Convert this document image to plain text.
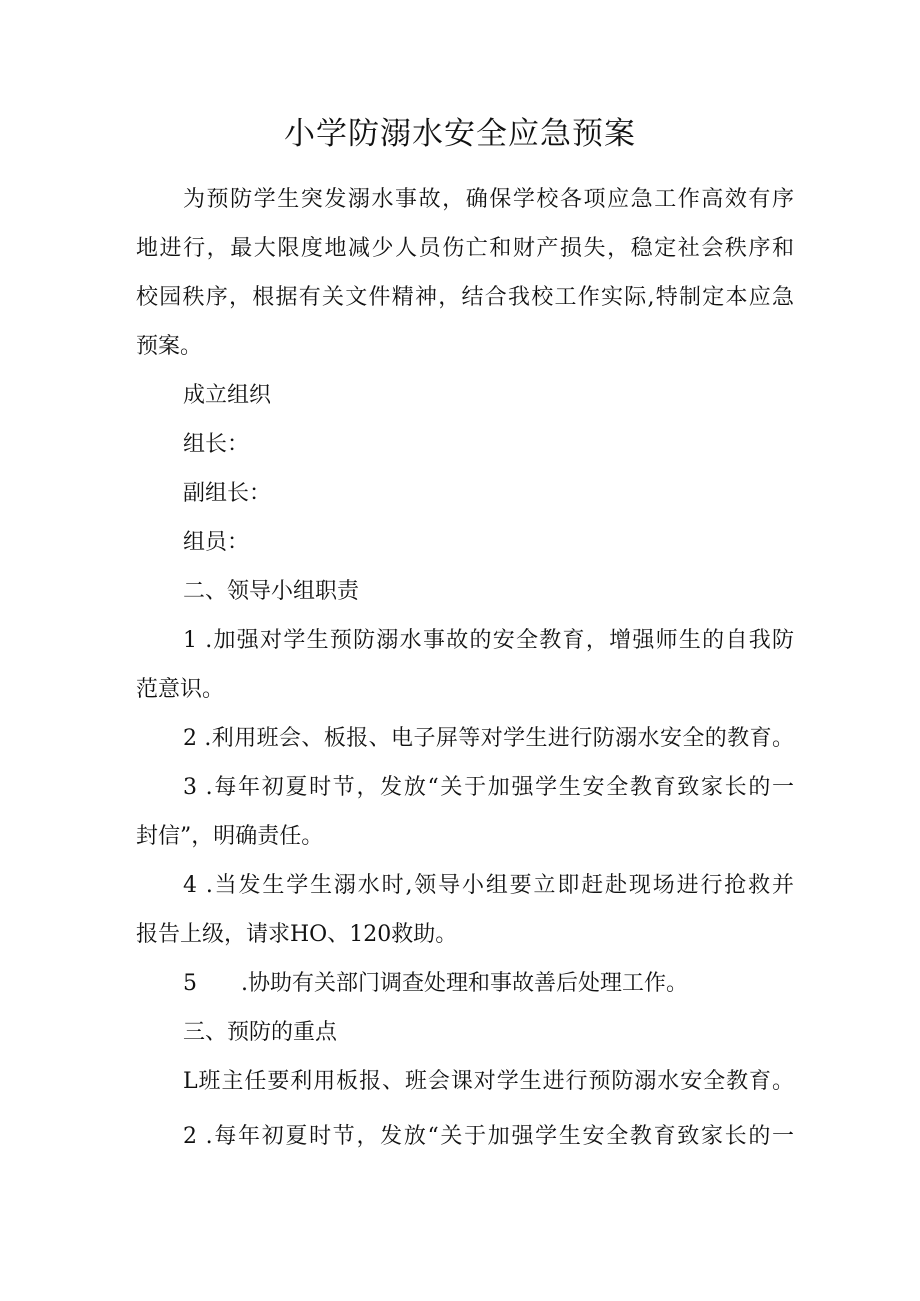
小学防溺水安全应急预案
为预防学生突发溺水事故，确保学校各项应急工作高效有序
地进行，最大限度地减少人员伤亡和财产损失，稳定社会秩序和
校园秩序，根据有关文件精神，结合我校工作实际,特制定本应急
预案。

成立组织

组长：

副组长：

组员：

二、领导小组职责

1 .加强对学生预防溺水事故的安全教育，增强师生的自我防
范意识。

2 .利用班会、板报、电子屏等对学生进行防溺水安全的教育。

3 .每年初夏时节，发放“关于加强学生安全教育致家长的一
封信”，明确责任。
4 .当发生学生溺水时,领导小组要立即赶赴现场进行抢救并
报告上级，请求HO、120救助。

5 .协助有关部门调查处理和事故善后处理工作。

三、预防的重点

L班主任要利用板报、班会课对学生进行预防溺水安全教育。

2 .每年初夏时节，发放“关于加强学生安全教育致家长的一
